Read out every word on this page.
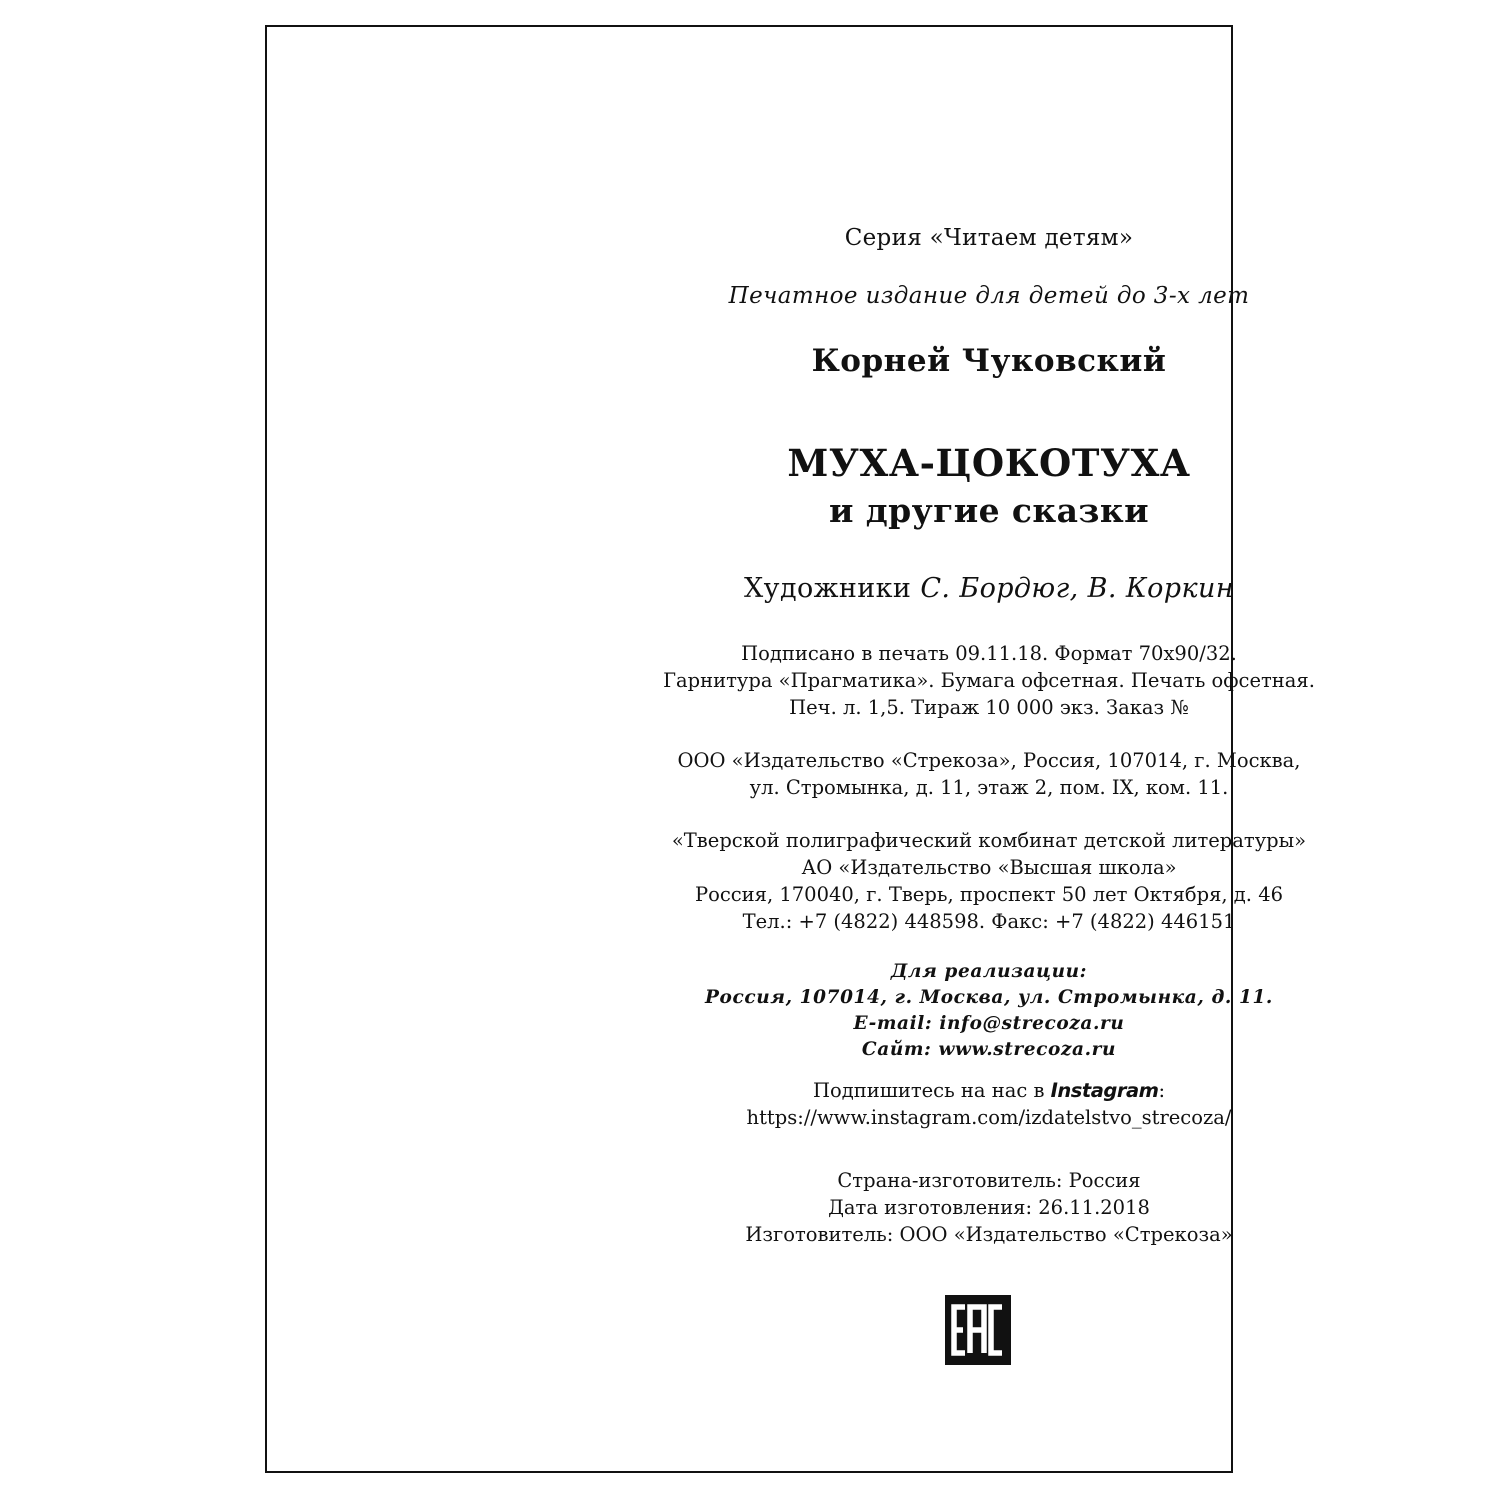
Серия «Читаем детям»
Печатное издание для детей до 3-х лет
Корней Чуковский
МУХА-ЦОКОТУХА
и другие сказки
Художники С. Бордюг, В. Коркин
Подписано в печать 09.11.18. Формат 70x90/32.
Гарнитура «Прагматика». Бумага офсетная. Печать офсетная.
Печ. л. 1,5. Тираж 10 000 экз. Заказ №
ООО «Издательство «Стрекоза», Россия, 107014, г. Москва,
ул. Стромынка, д. 11, этаж 2, пом. IX, ком. 11.
«Тверской полиграфический комбинат детской литературы»
АО «Издательство «Высшая школа»
Россия, 170040, г. Тверь, проспект 50 лет Октября, д. 46
Тел.: +7 (4822) 448598. Факс: +7 (4822) 446151
Для реализации:
Россия, 107014, г. Москва, ул. Стромынка, д. 11.
E-mail: info@strecoza.ru
Сайт: www.strecoza.ru
Подпишитесь на нас в Instagram:
https://www.instagram.com/izdatelstvo_strecoza/
Страна-изготовитель: Россия
Дата изготовления: 26.11.2018
Изготовитель: ООО «Издательство «Стрекоза»
